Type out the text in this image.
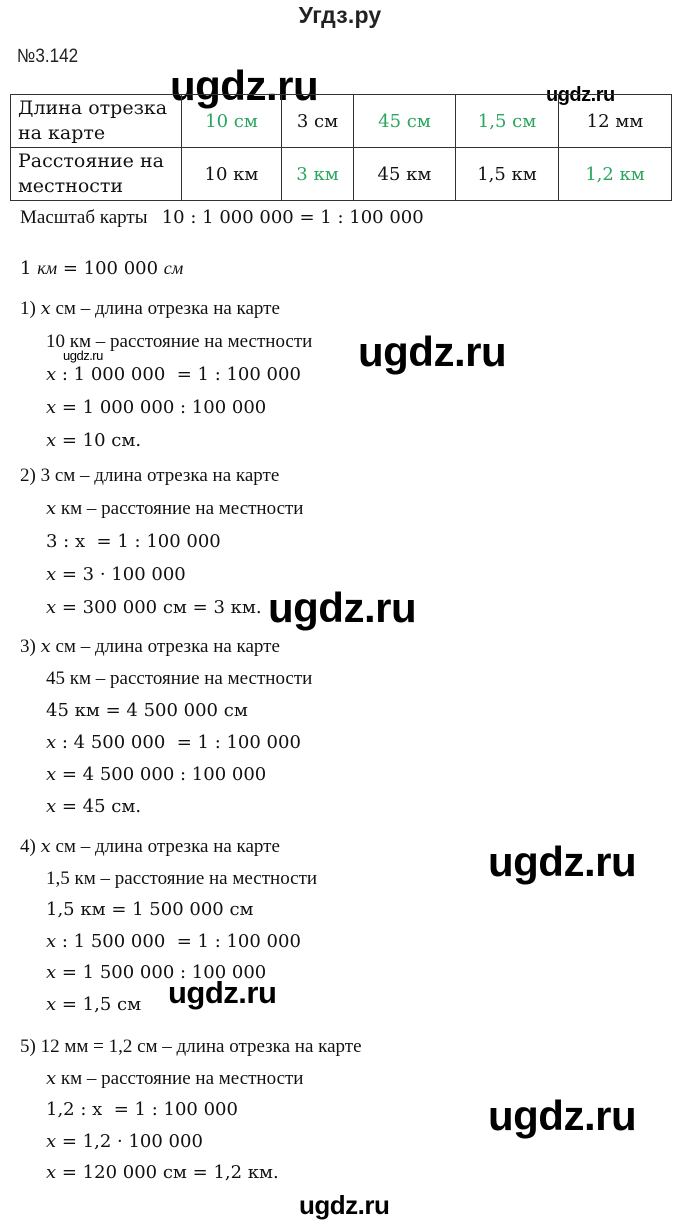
Угдз.ру
№3.142
ugdz.ru	ugdz.ru
ugdz.ru
ugdz.ru
ugdz.ru
ugdz.ru
ugdz.ru
ugdz.ru
ugdz.ru
Длина отрезка на карте	10 см	3 см	45 см	1,5 см	12 мм
Расстояние на местности	10 км	3 км	45 км	1,5 км	1,2 км
Масштаб карты 10 : 1 000 000 = 1 : 100 000
1 км = 100 000 см
1) x см – длина отрезка на карте
10 км – расстояние на местности
x : 1 000 000  = 1 : 100 000
x = 1 000 000 : 100 000
x = 10 см.
2) 3 см – длина отрезка на карте
x км – расстояние на местности
3 : x  = 1 : 100 000
x = 3 · 100 000
x = 300 000 см = 3 км.
3) x см – длина отрезка на карте
45 км – расстояние на местности
45 км = 4 500 000 см
x : 4 500 000  = 1 : 100 000
x = 4 500 000 : 100 000
x = 45 см.
4) x см – длина отрезка на карте
1,5 км – расстояние на местности
1,5 км = 1 500 000 см
x : 1 500 000  = 1 : 100 000
x = 1 500 000 : 100 000
x = 1,5 см
5) 12 мм = 1,2 см – длина отрезка на карте
x км – расстояние на местности
1,2 : x  = 1 : 100 000
x = 1,2 · 100 000
x = 120 000 см = 1,2 км.
